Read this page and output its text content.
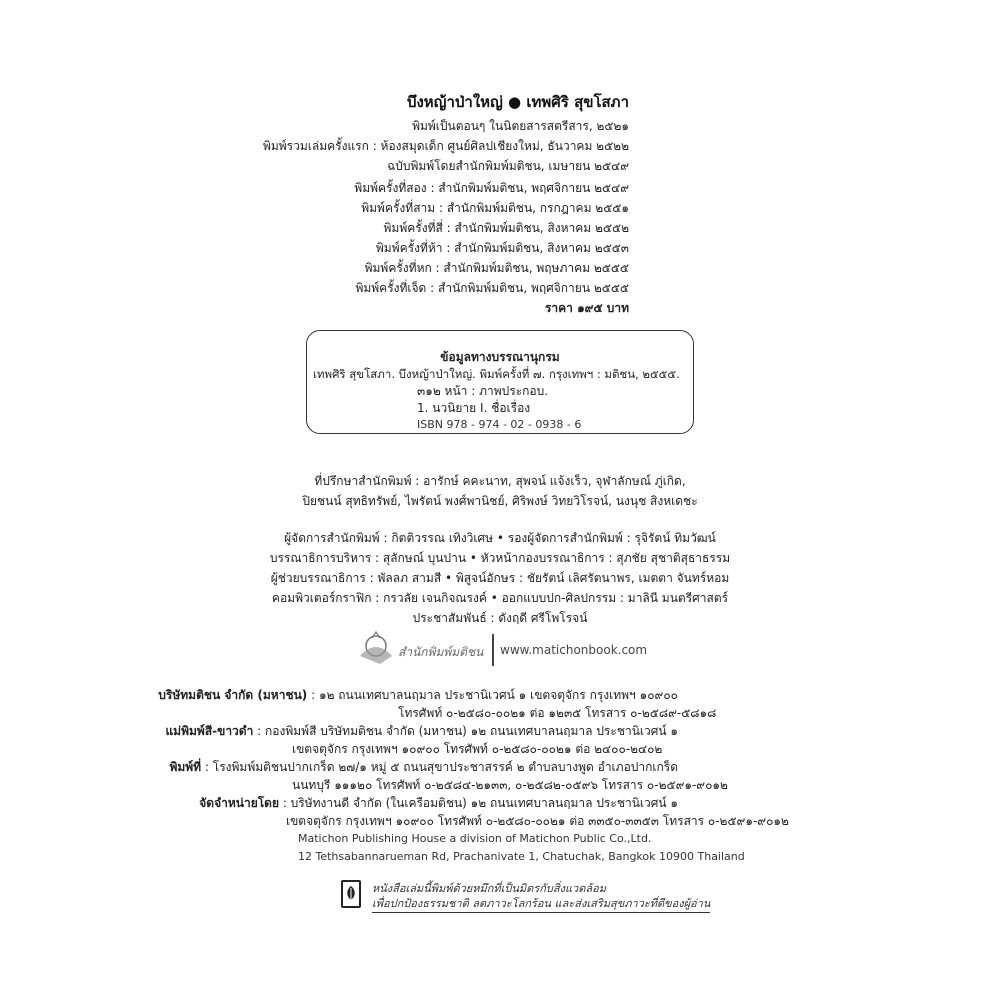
บึงหญ้าป่าใหญ่ ● เทพศิริ สุขโสภา
พิมพ์เป็นตอนๆ ในนิตยสารสตรีสาร, ๒๕๒๑
พิมพ์รวมเล่มครั้งแรก : ห้องสมุดเด็ก ศูนย์ศิลปเชียงใหม่, ธันวาคม ๒๕๒๒
ฉบับพิมพ์โดยสำนักพิมพ์มติชน, เมษายน ๒๕๔๙
พิมพ์ครั้งที่สอง : สำนักพิมพ์มติชน, พฤศจิกายน ๒๕๔๙
พิมพ์ครั้งที่สาม : สำนักพิมพ์มติชน, กรกฎาคม ๒๕๕๑
พิมพ์ครั้งที่สี่ : สำนักพิมพ์มติชน, สิงหาคม ๒๕๕๒
พิมพ์ครั้งที่ห้า : สำนักพิมพ์มติชน, สิงหาคม ๒๕๕๓
พิมพ์ครั้งที่หก : สำนักพิมพ์มติชน, พฤษภาคม ๒๕๕๕
พิมพ์ครั้งที่เจ็ด : สำนักพิมพ์มติชน, พฤศจิกายน ๒๕๕๕
ราคา ๑๙๕ บาท
ข้อมูลทางบรรณานุกรม
เทพศิริ สุขโสภา. บึงหญ้าป่าใหญ่. พิมพ์ครั้งที่ ๗. กรุงเทพฯ : มติชน, ๒๕๕๕.
๓๑๒ หน้า : ภาพประกอบ.
1. นวนิยาย I. ชื่อเรื่อง
ISBN 978 - 974 - 02 - 0938 - 6
ที่ปรึกษาสำนักพิมพ์ : อารักษ์ คคะนาท, สุพจน์ แจ้งเร็ว, จุฬาลักษณ์ ภู่เกิด,
ปิยชนน์ สุทธิทรัพย์, ไพรัตน์ พงศ์พานิชย์, ศิริพงษ์ วิทยวิโรจน์, นงนุช สิงหเดชะ
ผู้จัดการสำนักพิมพ์ : กิตติวรรณ เทิงวิเศษ • รองผู้จัดการสำนักพิมพ์ : รุจิรัตน์ ทิมวัฒน์
บรรณาธิการบริหาร : สุลักษณ์ บุนปาน • หัวหน้ากองบรรณาธิการ : สุภชัย สุชาติสุธาธรรม
ผู้ช่วยบรรณาธิการ : พัลลภ สามสี • พิสูจน์อักษร : ชัยรัตน์ เลิศรัตนาพร, เมตตา จันทร์หอม
คอมพิวเตอร์กราฟิก : กรวลัย เจนกิจณรงค์ • ออกแบบปก-ศิลปกรรม : มาลินี มนตรีศาสตร์
ประชาสัมพันธ์ : ดังฤดี ศรีโพโรจน์
สำนักพิมพ์มติชน www.matichonbook.com
บริษัทมติชน จำกัด (มหาชน) : ๑๒ ถนนเทศบาลนฤมาล ประชานิเวศน์ ๑ เขตจตุจักร กรุงเทพฯ ๑๐๙๐๐
โทรศัพท์ ๐-๒๕๘๐-๐๐๒๑ ต่อ ๑๒๓๕ โทรสาร ๐-๒๕๘๙-๕๘๑๘
แม่พิมพ์สี-ขาวดำ : กองพิมพ์สี บริษัทมติชน จำกัด (มหาชน) ๑๒ ถนนเทศบาลนฤมาล ประชานิเวศน์ ๑
เขตจตุจักร กรุงเทพฯ ๑๐๙๐๐ โทรศัพท์ ๐-๒๕๘๐-๐๐๒๑ ต่อ ๒๔๐๐-๒๔๐๒
พิมพ์ที่ : โรงพิมพ์มติชนปากเกร็ด ๒๗/๑ หมู่ ๕ ถนนสุขาประชาสรรค์ ๒ ตำบลบางพูด อำเภอปากเกร็ด
นนทบุรี ๑๑๑๒๐ โทรศัพท์ ๐-๒๕๘๔-๒๑๓๓, ๐-๒๕๘๒-๐๕๙๖ โทรสาร ๐-๒๕๙๑-๙๐๑๒
จัดจำหน่ายโดย : บริษัทงานดี จำกัด (ในเครือมติชน) ๑๒ ถนนเทศบาลนฤมาล ประชานิเวศน์ ๑
เขตจตุจักร กรุงเทพฯ ๑๐๙๐๐ โทรศัพท์ ๐-๒๕๘๐-๐๐๒๑ ต่อ ๓๓๕๐-๓๓๕๓ โทรสาร ๐-๒๕๙๑-๙๐๑๒
Matichon Publishing House a division of Matichon Public Co.,Ltd.
12 Tethsabannarueman Rd, Prachanivate 1, Chatuchak, Bangkok 10900 Thailand
หนังสือเล่มนี้พิมพ์ด้วยหมึกที่เป็นมิตรกับสิ่งแวดล้อม
เพื่อปกป้องธรรมชาติ ลดภาวะโลกร้อน และส่งเสริมสุขภาวะที่ดีของผู้อ่าน
